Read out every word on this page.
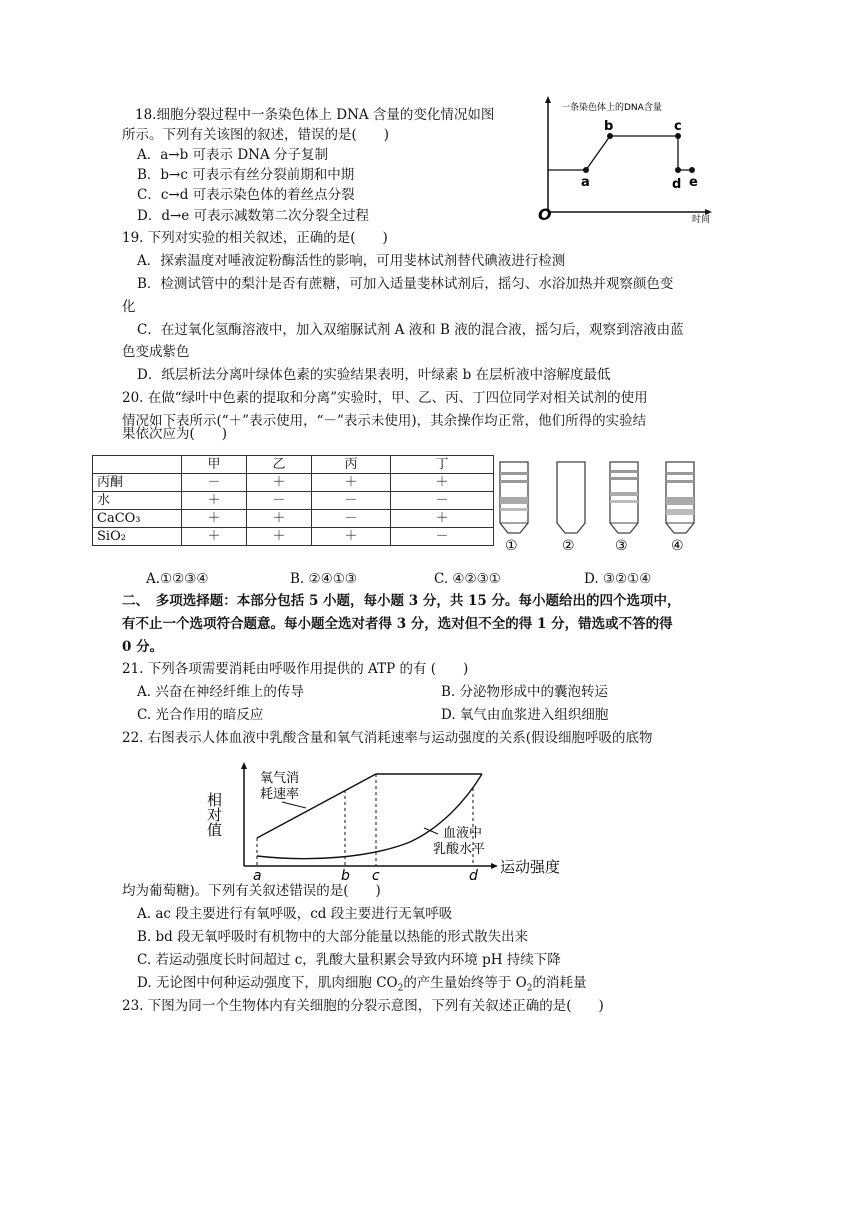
18.细胞分裂过程中一条染色体上 DNA 含量的变化情况如图
所示。下列有关该图的叙述，错误的是(　　)
A．a→b 可表示 DNA 分子复制
B．b→c 可表示有丝分裂前期和中期
C．c→d 可表示染色体的着丝点分裂
D．d→e 可表示减数第二次分裂全过程
一条染色体上的DNA含量
O	时间
a
b	c
d e
19. 下列对实验的相关叙述，正确的是(　　)
A．探索温度对唾液淀粉酶活性的影响，可用斐林试剂替代碘液进行检测
B．检测试管中的梨汁是否有蔗糖，可加入适量斐林试剂后，摇匀、水浴加热并观察颜色变
化
C．在过氧化氢酶溶液中，加入双缩脲试剂 A 液和 B 液的混合液，摇匀后，观察到溶液由蓝
色变成紫色
D．纸层析法分离叶绿体色素的实验结果表明，叶绿素 b 在层析液中溶解度最低
20. 在做“绿叶中色素的提取和分离”实验时，甲、乙、丙、丁四位同学对相关试剂的使用
情况如下表所示(“＋”表示使用，“－”表示未使用)，其余操作均正常，他们所得的实验结
果依次应为(　　)
	甲	乙	丙	丁
丙酮	－	＋	＋	＋
水	＋	－	－	－
CaCO₃	＋	＋	－	＋
SiO₂	＋	＋	＋	－
①	②	③	④
A.①②③④	B. ②④①③	C. ④②③①	D. ③②①④
二、　多项选择题：本部分包括 5 小题，每小题 3 分，共 15 分。每小题给出的四个选项中，
有不止一个选项符合题意。每小题全选对者得 3 分，选对但不全的得 1 分，错选或不答的得
0 分。
21. 下列各项需要消耗由呼吸作用提供的 ATP 的有 (　　)
A. 兴奋在神经纤维上的传导	B. 分泌物形成中的囊泡转运
C. 光合作用的暗反应	D. 氧气由血浆进入组织细胞
22. 右图表示人体血液中乳酸含量和氧气消耗速率与运动强度的关系(假设细胞呼吸的底物
相对值
氧气消
耗速率
血液中
乳酸水平
a	b c	d 运动强度
均为葡萄糖)。下列有关叙述错误的是(　　)
A. ac 段主要进行有氧呼吸，cd 段主要进行无氧呼吸
B. bd 段无氧呼吸时有机物中的大部分能量以热能的形式散失出来
C. 若运动强度长时间超过 c，乳酸大量积累会导致内环境 pH 持续下降
D. 无论图中何种运动强度下，肌肉细胞 $CO_2$的产生量始终等于 $O_2$的消耗量
23. 下图为同一个生物体内有关细胞的分裂示意图，下列有关叙述正确的是(　　)
